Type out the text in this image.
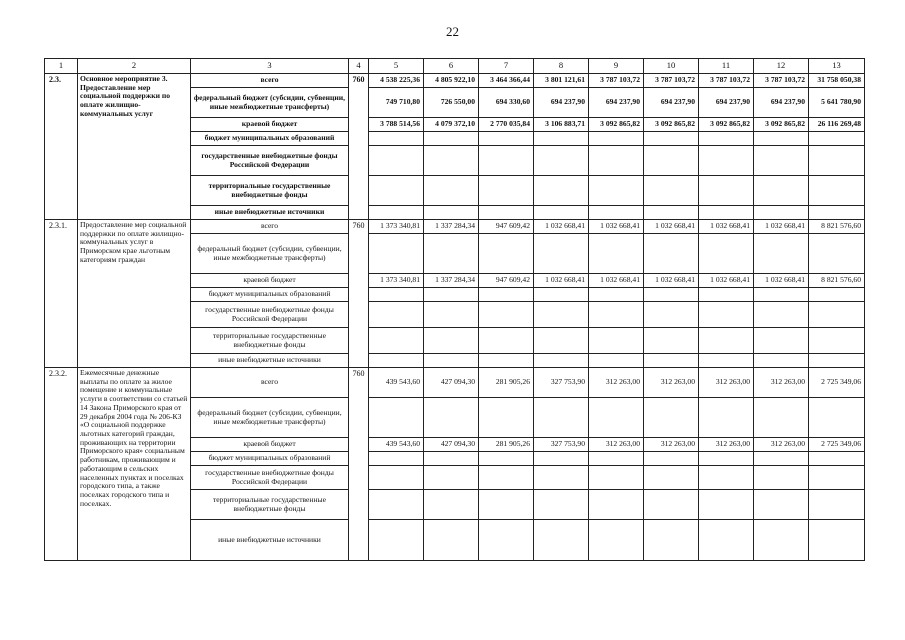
22
1	2	3	4	5	6	7	8	9	10	11	12	13
2.3.	Основное мероприятие 3. Предоставление мер социальной поддержки по оплате жилищно-коммунальных услуг	всего	760	4 538 225,36	4 805 922,10	3 464 366,44	3 801 121,61	3 787 103,72	3 787 103,72	3 787 103,72	3 787 103,72	31 758 050,38
		федеральный бюджет (субсидии, субвенции, иные межбюджетные трансферты)		749 710,80	726 550,00	694 330,60	694 237,90	694 237,90	694 237,90	694 237,90	694 237,90	5 641 780,90
		краевой бюджет		3 788 514,56	4 079 372,10	2 770 035,84	3 106 883,71	3 092 865,82	3 092 865,82	3 092 865,82	3 092 865,82	26 116 269,48
		бюджет муниципальных образований										
		государственные внебюджетные фонды Российской Федерации										
		территориальные государственные внебюджетные фонды										
		иные внебюджетные источники										
2.3.1.	Предоставление мер социальной поддержки по оплате жилищно-коммунальных услуг в Приморском крае льготным категориям граждан	всего	760	1 373 340,81	1 337 284,34	947 609,42	1 032 668,41	1 032 668,41	1 032 668,41	1 032 668,41	1 032 668,41	8 821 576,60
		федеральный бюджет (субсидии, субвенции, иные межбюджетные трансферты)										
		краевой бюджет		1 373 340,81	1 337 284,34	947 609,42	1 032 668,41	1 032 668,41	1 032 668,41	1 032 668,41	1 032 668,41	8 821 576,60
		бюджет муниципальных образований										
		государственные внебюджетные фонды Российской Федерации										
		территориальные государственные внебюджетные фонды										
		иные внебюджетные источники										
2.3.2.	Ежемесячные денежные выплаты по оплате за жилое помещение и коммунальные услуги в соответствии со статьей 14 Закона Приморского края от 29 декабря 2004 года № 206-КЗ «О социальной поддержке льготных категорий граждан, проживающих на территории Приморского края» социальным работникам, проживающим и работающим в сельских населенных пунктах и поселках городского типа, а также поселках городского типа и поселках.	всего	760	439 543,60	427 094,30	281 905,26	327 753,90	312 263,00	312 263,00	312 263,00	312 263,00	2 725 349,06
		федеральный бюджет (субсидии, субвенции, иные межбюджетные трансферты)										
		краевой бюджет		439 543,60	427 094,30	281 905,26	327 753,90	312 263,00	312 263,00	312 263,00	312 263,00	2 725 349,06
		бюджет муниципальных образований										
		государственные внебюджетные фонды Российской Федерации										
		территориальные государственные внебюджетные фонды										
		иные внебюджетные источники										
